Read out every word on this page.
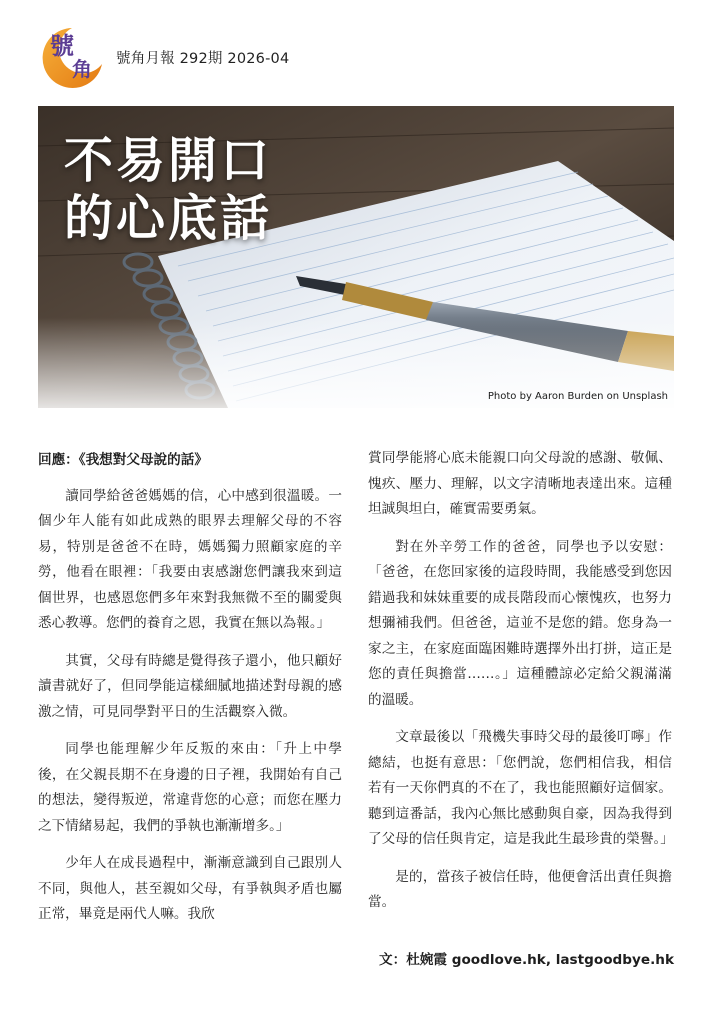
號
角 號角月報 292期 2026-04
不易開口
的心底話
Photo by Aaron Burden on Unsplash
回應：《我想對父母說的話》

讀同學給爸爸媽媽的信，心中感到很溫暖。一個少年人能有如此成熟的眼界去理解父母的不容易，特別是爸爸不在時，媽媽獨力照顧家庭的辛勞，他看在眼裡：「我要由衷感謝您們讓我來到這個世界，也感恩您們多年來對我無微不至的關愛與悉心教導。您們的養育之恩，我實在無以為報。」

其實，父母有時總是覺得孩子還小，他只顧好讀書就好了，但同學能這樣細膩地描述對母親的感激之情，可見同學對平日的生活觀察入微。

同學也能理解少年反叛的來由：「升上中學後，在父親長期不在身邊的日子裡，我開始有自己的想法，變得叛逆，常違背您的心意；而您在壓力之下情緒易起，我們的爭執也漸漸增多。」

少年人在成長過程中，漸漸意識到自己跟別人不同，與他人，甚至親如父母，有爭執與矛盾也屬正常，畢竟是兩代人嘛。我欣

賞同學能將心底未能親口向父母說的感謝、敬佩、愧疚、壓力、理解，以文字清晰地表達出來。這種坦誠與坦白，確實需要勇氣。

對在外辛勞工作的爸爸，同學也予以安慰：「爸爸，在您回家後的這段時間，我能感受到您因錯過我和妹妹重要的成長階段而心懷愧疚，也努力想彌補我們。但爸爸，這並不是您的錯。您身為一家之主，在家庭面臨困難時選擇外出打拼，這正是您的責任與擔當……。」這種體諒必定給父親滿滿的溫暖。

文章最後以「飛機失事時父母的最後叮嚀」作總結，也挺有意思：「您們說，您們相信我，相信若有一天你們真的不在了，我也能照顧好這個家。聽到這番話，我內心無比感動與自豪，因為我得到了父母的信任與肯定，這是我此生最珍貴的榮譽。」

是的，當孩子被信任時，他便會活出責任與擔當。

文：杜婉霞 goodlove.hk, lastgoodbye.hk
